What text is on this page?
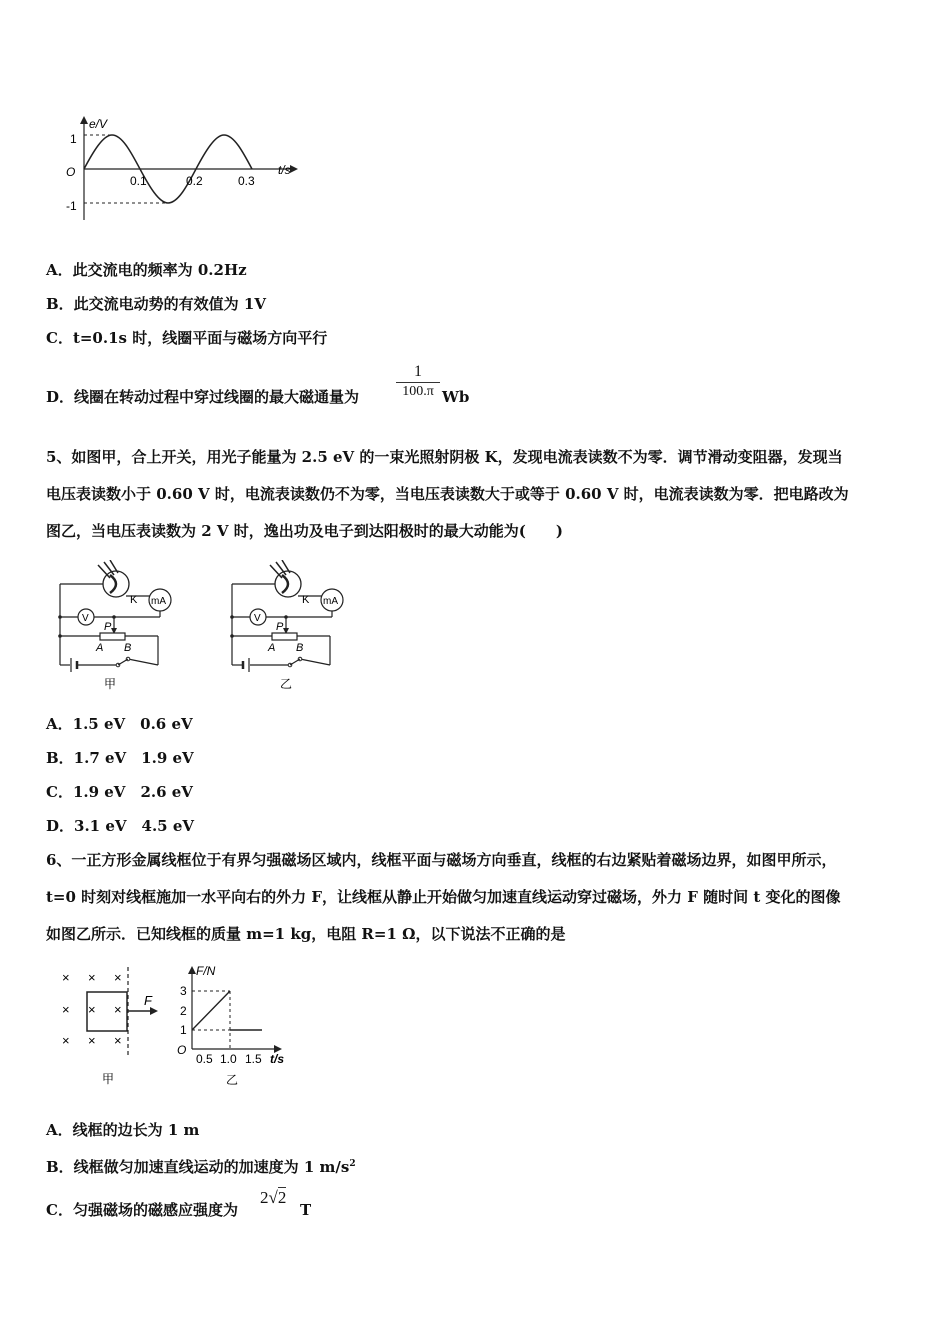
e/V
t/s
O
1
-1
0.1	0.2	0.3
A．此交流电的频率为 0.2Hz
B．此交流电动势的有效值为 1V
C．t=0.1s 时，线圈平面与磁场方向平行
D．线圈在转动过程中穿过线圈的最大磁通量为
1
100.π Wb
5、如图甲，合上开关，用光子能量为 2.5 eV 的一束光照射阴极 K，发现电流表读数不为零．调节滑动变阻器，发现当
电压表读数小于 0.60 V 时，电流表读数仍不为零，当电压表读数大于或等于 0.60 V 时，电流表读数为零．把电路改为
图乙，当电压表读数为 2 V 时，逸出功及电子到达阳极时的最大动能为(　　)
K mA
V
P
A B
甲
K mA
V
P
A B
乙
A．1.5 eV　0.6 eV
B．1.7 eV　1.9 eV
C．1.9 eV　2.6 eV
D．3.1 eV　4.5 eV
6、一正方形金属线框位于有界匀强磁场区域内，线框平面与磁场方向垂直，线框的右边紧贴着磁场边界，如图甲所示，
t=0 时刻对线框施加一水平向右的外力 F，让线框从静止开始做匀加速直线运动穿过磁场，外力 F 随时间 t 变化的图像
如图乙所示．已知线框的质量 m=1 kg，电阻 R=1 Ω，以下说法不正确的是
× × ×
× × ×
× × ×
F
甲
F/N
t/s
O
1
2
3
0.5 1.0 1.5
乙
A．线框的边长为 1 m
B．线框做匀加速直线运动的加速度为 1 $m/s^2$
C．匀强磁场的磁感应强度为
2√2
T
